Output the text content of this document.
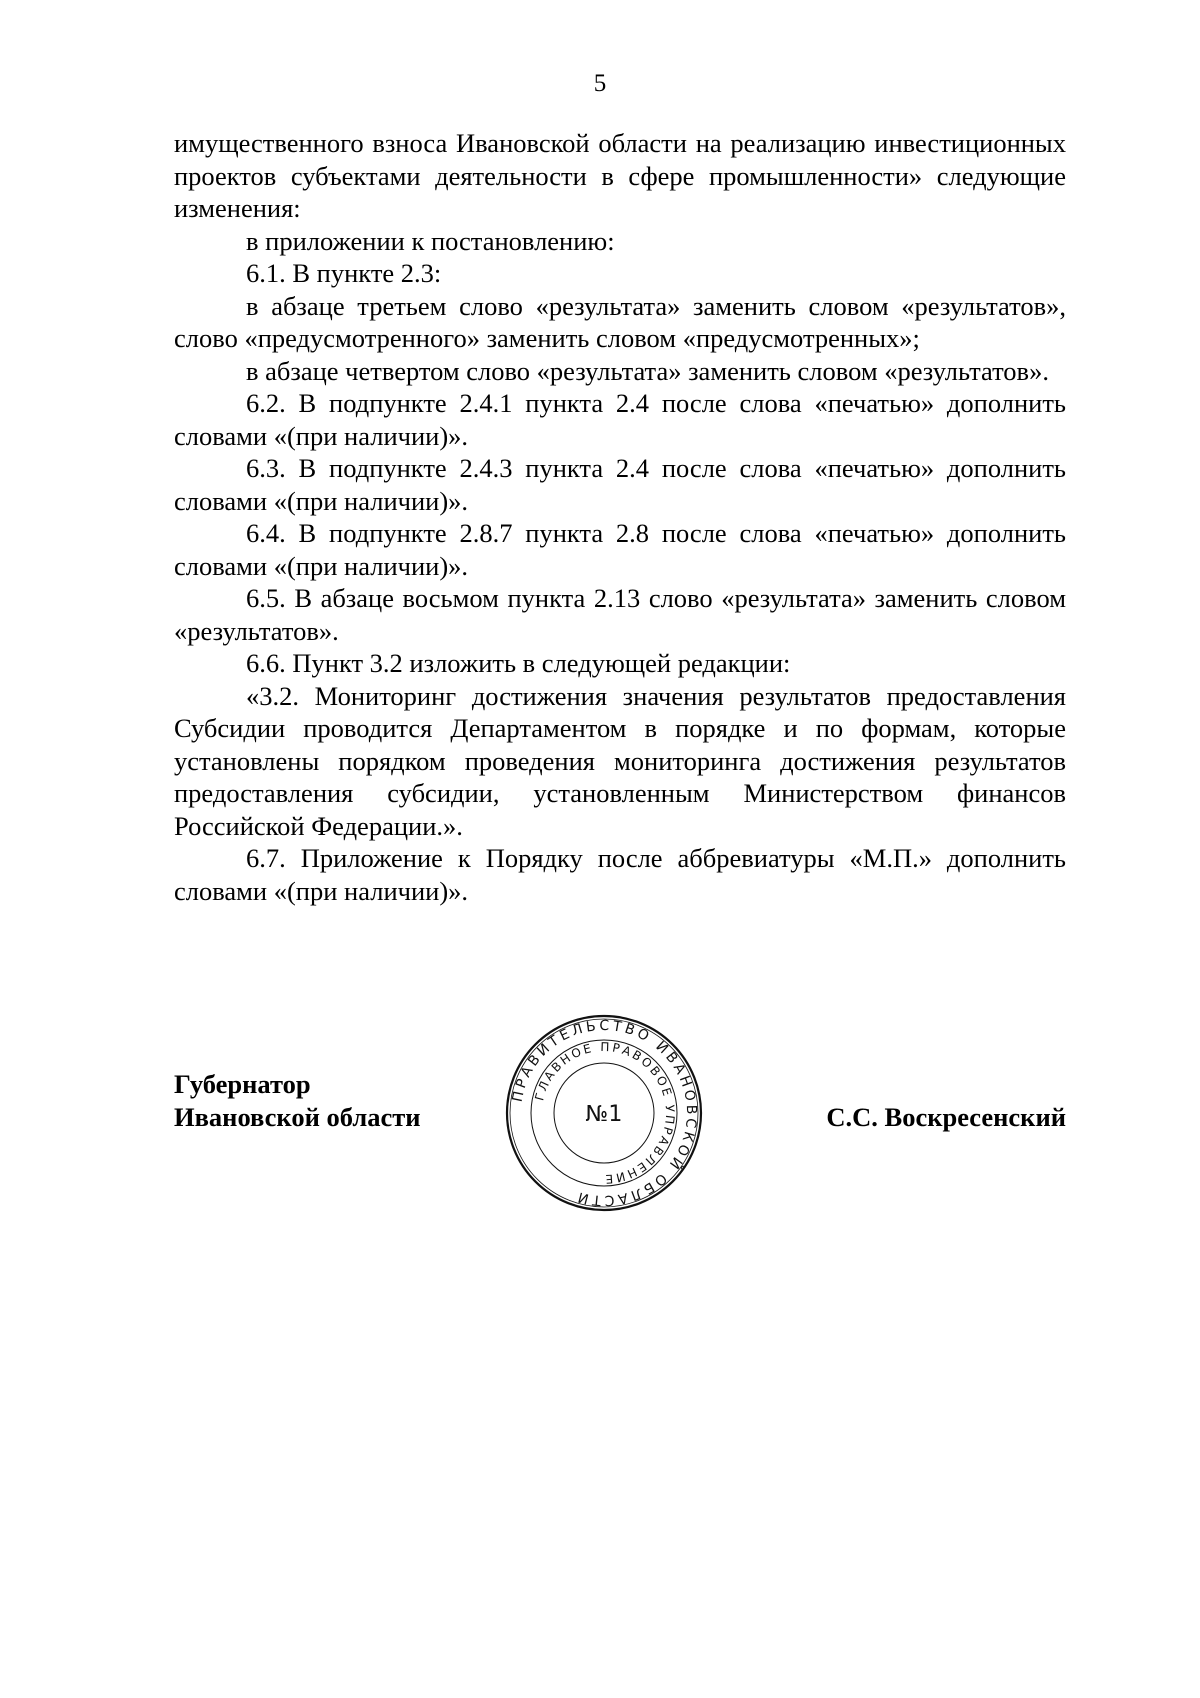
5

имущественного взноса Ивановской области на реализацию инвестиционных проектов субъектами деятельности в сфере промышленности» следующие изменения:

в приложении к постановлению:

6.1. В пункте 2.3:

в абзаце третьем слово «результата» заменить словом «результатов», слово «предусмотренного» заменить словом «предусмотренных»;

в абзаце четвертом слово «результата» заменить словом «результатов».

6.2. В подпункте 2.4.1 пункта 2.4 после слова «печатью» дополнить словами «(при наличии)».

6.3. В подпункте 2.4.3 пункта 2.4 после слова «печатью» дополнить словами «(при наличии)».

6.4. В подпункте 2.8.7 пункта 2.8 после слова «печатью» дополнить словами «(при наличии)».

6.5. В абзаце восьмом пункта 2.13 слово «результата» заменить словом «результатов».

6.6. Пункт 3.2 изложить в следующей редакции:

«3.2. Мониторинг достижения значения результатов предоставления Субсидии проводится Департаментом в порядке и по формам, которые установлены порядком проведения мониторинга достижения результатов предоставления субсидии, установленным Министерством финансов Российской Федерации.».

6.7. Приложение к Порядку после аббревиатуры «М.П.» дополнить словами «(при наличии)».

Губернатор
Ивановской области	С.С. Воскресенский
ПРАВИТЕЛЬСТВО ИВАНОВСКОЙ ОБЛАСТИ
ГЛАВНОЕ ПРАВОВОЕ УПРАВЛЕНИЕ
№1
